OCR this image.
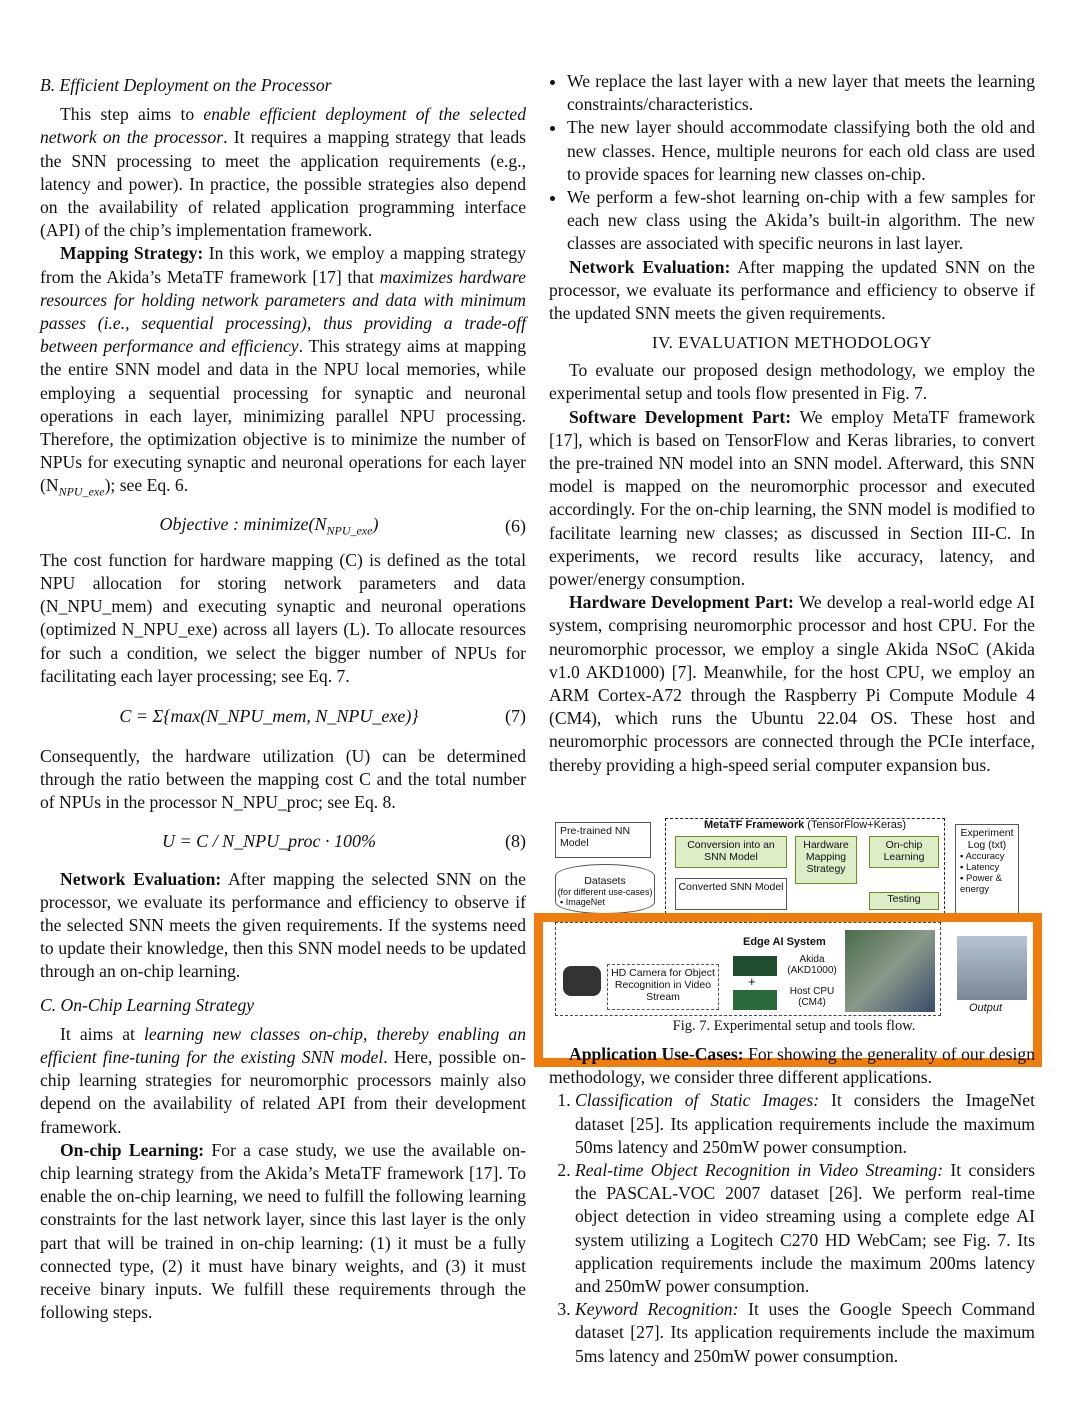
B. Efficient Deployment on the Processor

This step aims to enable efficient deployment of the selected network on the processor. It requires a mapping strategy that leads the SNN processing to meet the application requirements (e.g., latency and power). In practice, the possible strategies also depend on the availability of related application programming interface (API) of the chip’s implementation framework.

Mapping Strategy: In this work, we employ a mapping strategy from the Akida’s MetaTF framework [17] that maximizes hardware resources for holding network parameters and data with minimum passes (i.e., sequential processing), thus providing a trade-off between performance and efficiency. This strategy aims at mapping the entire SNN model and data in the NPU local memories, while employing a sequential processing for synaptic and neuronal operations in each layer, minimizing parallel NPU processing. Therefore, the optimization objective is to minimize the number of NPUs for executing synaptic and neuronal operations for each layer $(N_{NPU\_exe})$; see Eq. 6.

Objective : $minimize(N_{NPU\_exe})$	(6)

The cost function for hardware mapping (C) is defined as the total NPU allocation for storing network parameters and data (N_NPU_mem) and executing synaptic and neuronal operations (optimized N_NPU_exe) across all layers (L). To allocate resources for such a condition, we select the bigger number of NPUs for facilitating each layer processing; see Eq. 7.

C = Σ{max(N_NPU_mem, N_NPU_exe)}	(7)

Consequently, the hardware utilization (U) can be determined through the ratio between the mapping cost C and the total number of NPUs in the processor N_NPU_proc; see Eq. 8.

U = C / N_NPU_proc · 100%	(8)

Network Evaluation: After mapping the selected SNN on the processor, we evaluate its performance and efficiency to observe if the selected SNN meets the given requirements. If the systems need to update their knowledge, then this SNN model needs to be updated through an on-chip learning.

C. On-Chip Learning Strategy

It aims at learning new classes on-chip, thereby enabling an efficient fine-tuning for the existing SNN model. Here, possible on-chip learning strategies for neuromorphic processors mainly also depend on the availability of related API from their development framework.

On-chip Learning: For a case study, we use the available on-chip learning strategy from the Akida’s MetaTF framework [17]. To enable the on-chip learning, we need to fulfill the following learning constraints for the last network layer, since this last layer is the only part that will be trained in on-chip learning: (1) it must be a fully connected type, (2) it must have binary weights, and (3) it must receive binary inputs. We fulfill these requirements through the following steps.

• We replace the last layer with a new layer that meets the learning constraints/characteristics.
• The new layer should accommodate classifying both the old and new classes. Hence, multiple neurons for each old class are used to provide spaces for learning new classes on-chip.
• We perform a few-shot learning on-chip with a few samples for each new class using the Akida’s built-in algorithm. The new classes are associated with specific neurons in last layer.

Network Evaluation: After mapping the updated SNN on the processor, we evaluate its performance and efficiency to observe if the updated SNN meets the given requirements.

IV. EVALUATION METHODOLOGY

To evaluate our proposed design methodology, we employ the experimental setup and tools flow presented in Fig. 7.

Software Development Part: We employ MetaTF framework [17], which is based on TensorFlow and Keras libraries, to convert the pre-trained NN model into an SNN model. Afterward, this SNN model is mapped on the neuromorphic processor and executed accordingly. For the on-chip learning, the SNN model is modified to facilitate learning new classes; as discussed in Section III-C. In experiments, we record results like accuracy, latency, and power/energy consumption.

Hardware Development Part: We develop a real-world edge AI system, comprising neuromorphic processor and host CPU. For the neuromorphic processor, we employ a single Akida NSoC (Akida v1.0 AKD1000) [7]. Meanwhile, for the host CPU, we employ an ARM Cortex-A72 through the Raspberry Pi Compute Module 4 (CM4), which runs the Ubuntu 22.04 OS. These host and neuromorphic processors are connected through the PCIe interface, thereby providing a high-speed serial computer expansion bus.

Pre-trained NN Model
Datasets
(for different use-cases)
▪ ImageNet
MetaTF Framework (TensorFlow+Keras)
Conversion into an SNN Model
Converted SNN Model
Hardware Mapping Strategy
On-chip Learning
Testing
Experiment Log (txt)
▪ Accuracy
▪ Latency
▪ Power & energy
HD Camera for Object Recognition in Video Stream
Edge AI System
Akida (AKD1000)
+
Host CPU (CM4)	Output
Fig. 7. Experimental setup and tools flow.

Application Use-Cases: For showing the generality of our design methodology, we consider three different applications.

1. Classification of Static Images: It considers the ImageNet dataset [25]. Its application requirements include the maximum 50ms latency and 250mW power consumption.
2. Real-time Object Recognition in Video Streaming: It considers the PASCAL-VOC 2007 dataset [26]. We perform real-time object detection in video streaming using a complete edge AI system utilizing a Logitech C270 HD WebCam; see Fig. 7. Its application requirements include the maximum 200ms latency and 250mW power consumption.
3. Keyword Recognition: It uses the Google Speech Command dataset [27]. Its application requirements include the maximum 5ms latency and 250mW power consumption.
